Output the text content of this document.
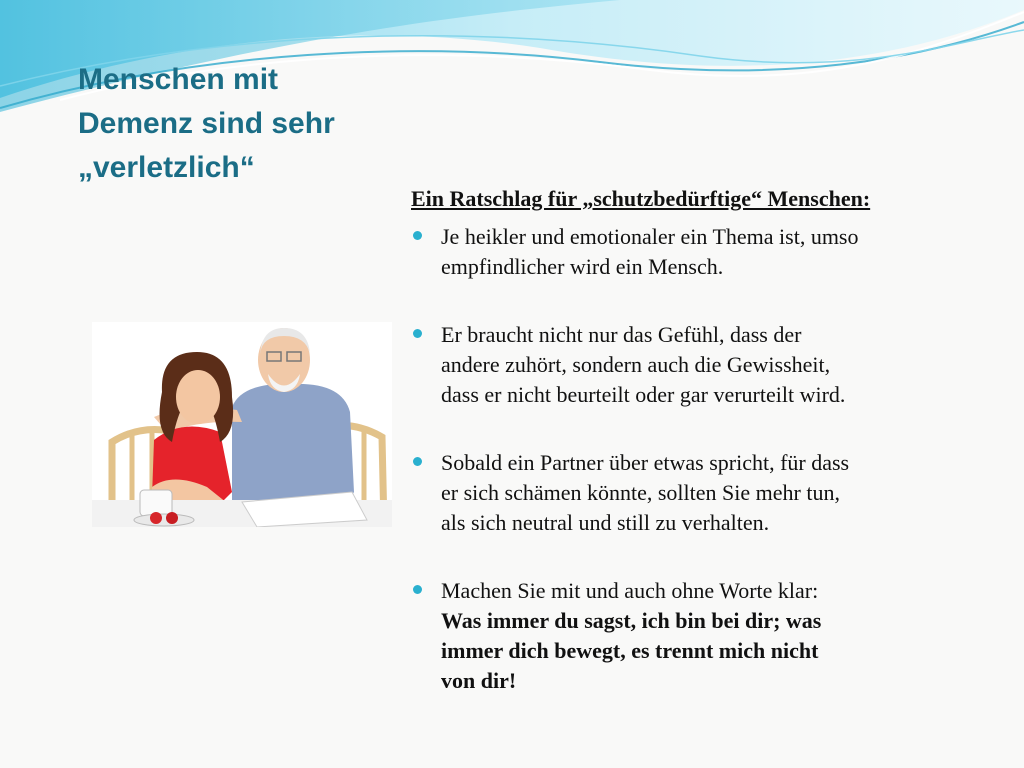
Menschen mit
Demenz sind sehr
„verletzlich“

Ein Ratschlag für „schutzbedürftige“ Menschen:

Je heikler und emotionaler ein Thema ist, umso

empfindlicher wird ein Mensch.

Er braucht nicht nur das Gefühl, dass der

andere zuhört, sondern auch die Gewissheit,

dass er nicht beurteilt oder gar verurteilt wird.

Sobald ein Partner über etwas spricht, für dass

er sich schämen könnte, sollten Sie mehr tun,

als sich neutral und still zu verhalten.

Machen Sie mit und auch ohne Worte klar:

Was immer du sagst, ich bin bei dir; was

immer dich bewegt, es trennt mich nicht

von dir!
